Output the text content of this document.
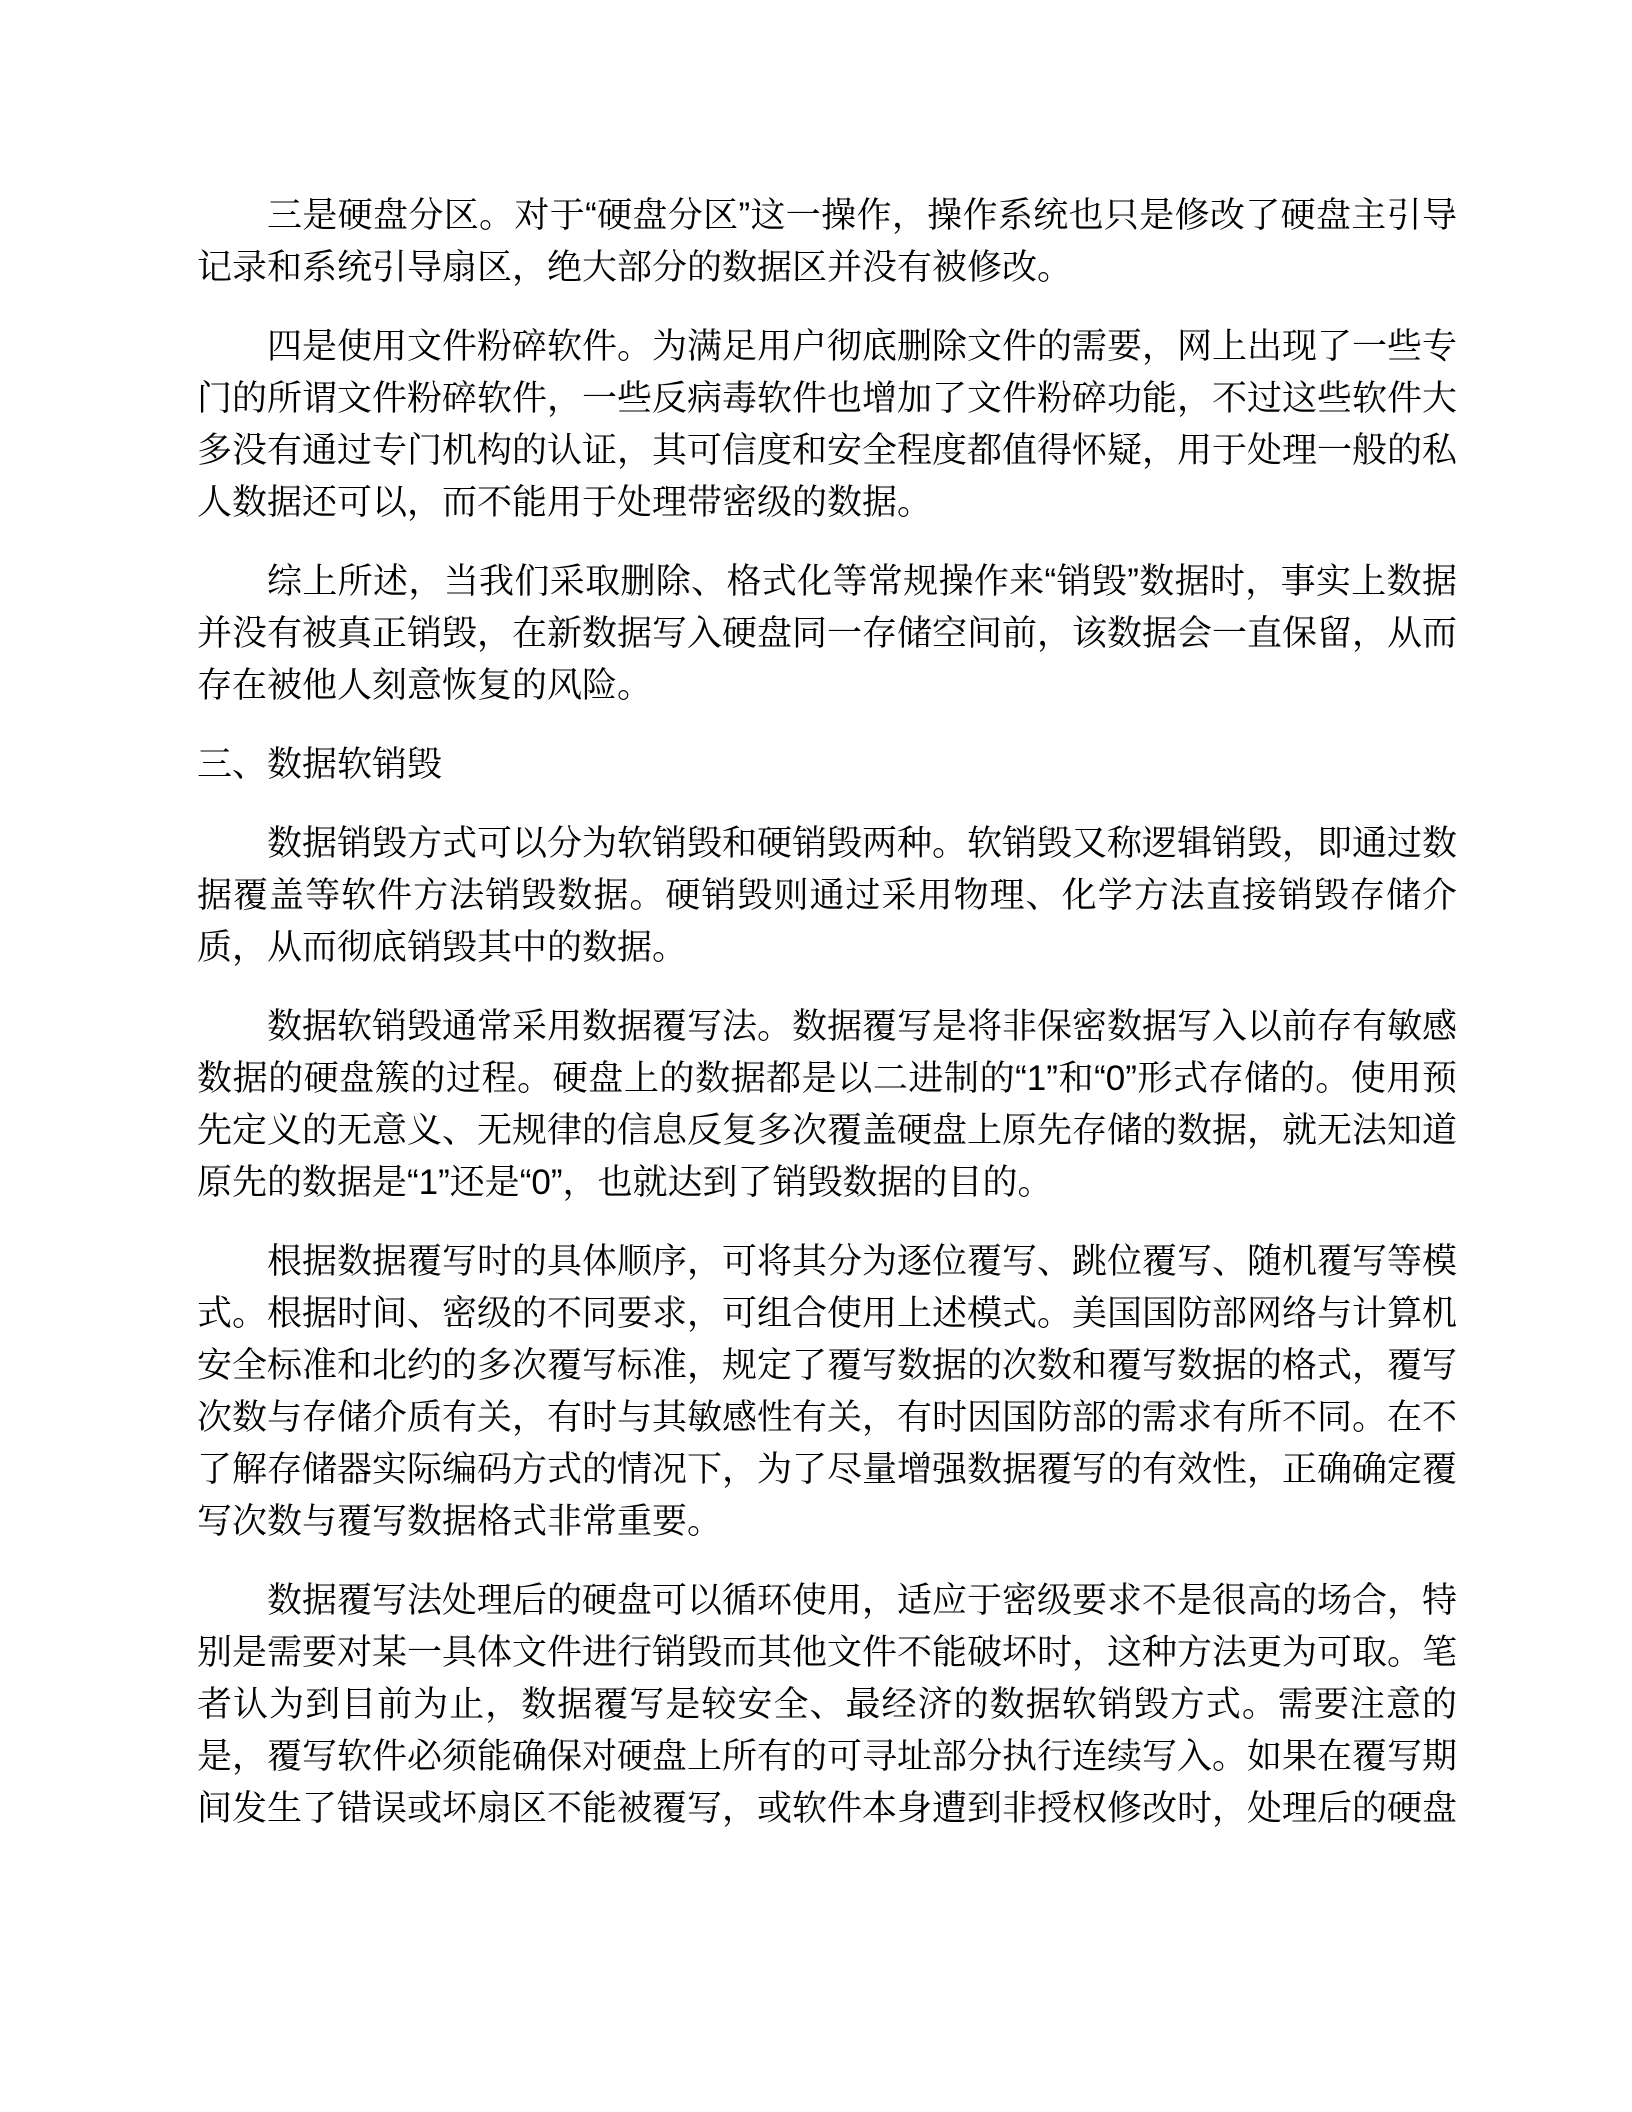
三是硬盘分区。对于“硬盘分区”这一操作，操作系统也只是修改了硬盘主引导记录和系统引导扇区，绝大部分的数据区并没有被修改。

四是使用文件粉碎软件。为满足用户彻底删除文件的需要，网上出现了一些专门的所谓文件粉碎软件，一些反病毒软件也增加了文件粉碎功能，不过这些软件大多没有通过专门机构的认证，其可信度和安全程度都值得怀疑，用于处理一般的私人数据还可以，而不能用于处理带密级的数据。

综上所述，当我们采取删除、格式化等常规操作来“销毁”数据时，事实上数据并没有被真正销毁，在新数据写入硬盘同一存储空间前，该数据会一直保留，从而存在被他人刻意恢复的风险。

三、数据软销毁

数据销毁方式可以分为软销毁和硬销毁两种。软销毁又称逻辑销毁，即通过数据覆盖等软件方法销毁数据。硬销毁则通过采用物理、化学方法直接销毁存储介质，从而彻底销毁其中的数据。

数据软销毁通常采用数据覆写法。数据覆写是将非保密数据写入以前存有敏感数据的硬盘簇的过程。硬盘上的数据都是以二进制的“1”和“0”形式存储的。使用预先定义的无意义、无规律的信息反复多次覆盖硬盘上原先存储的数据，就无法知道原先的数据是“1”还是“0”，也就达到了销毁数据的目的。

根据数据覆写时的具体顺序，可将其分为逐位覆写、跳位覆写、随机覆写等模式。根据时间、密级的不同要求，可组合使用上述模式。美国国防部网络与计算机安全标准和北约的多次覆写标准，规定了覆写数据的次数和覆写数据的格式，覆写次数与存储介质有关，有时与其敏感性有关，有时因国防部的需求有所不同。在不了解存储器实际编码方式的情况下，为了尽量增强数据覆写的有效性，正确确定覆写次数与覆写数据格式非常重要。

数据覆写法处理后的硬盘可以循环使用，适应于密级要求不是很高的场合，特别是需要对某一具体文件进行销毁而其他文件不能破坏时，这种方法更为可取。笔者认为到目前为止，数据覆写是较安全、最经济的数据软销毁方式。需要注意的是，覆写软件必须能确保对硬盘上所有的可寻址部分执行连续写入。如果在覆写期间发生了错误或坏扇区不能被覆写，或软件本身遭到非授权修改时，处理后的硬盘
